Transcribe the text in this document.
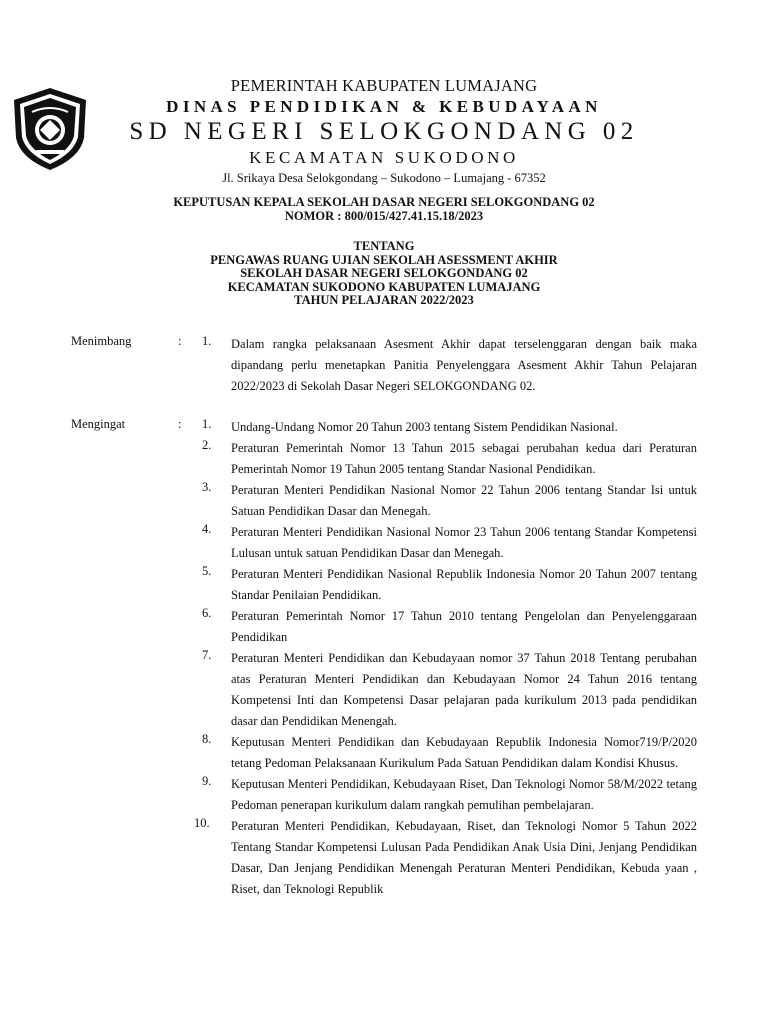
PEMERINTAH KABUPATEN LUMAJANG
DINAS PENDIDIKAN & KEBUDAYAAN
SD NEGERI SELOKGONDANG 02
KECAMATAN SUKODONO
Jl. Srikaya Desa Selokgondang – Sukodono – Lumajang - 67352
KEPUTUSAN KEPALA SEKOLAH DASAR NEGERI SELOKGONDANG 02
NOMOR : 800/015/427.41.15.18/2023
TENTANG
PENGAWAS RUANG UJIAN SEKOLAH ASESSMENT AKHIR
SEKOLAH DASAR NEGERI SELOKGONDANG 02
KECAMATAN SUKODONO KABUPATEN LUMAJANG
TAHUN PELAJARAN 2022/2023
Menimbang	: 1. Dalam rangka pelaksanaan Asesment Akhir dapat terselenggaran dengan baik maka dipandang perlu menetapkan Panitia Penyelenggara Asesment Akhir Tahun Pelajaran 2022/2023 di Sekolah Dasar Negeri SELOKGONDANG 02.
Mengingat	: 1. Undang-Undang Nomor 20 Tahun 2003 tentang Sistem Pendidikan Nasional.
2. Peraturan Pemerintah Nomor 13 Tahun 2015 sebagai perubahan kedua dari Peraturan Pemerintah Nomor 19 Tahun 2005 tentang Standar Nasional Pendidikan.
3. Peraturan Menteri Pendidikan Nasional Nomor 22 Tahun 2006 tentang Standar Isi untuk Satuan Pendidikan Dasar dan Menegah.
4. Peraturan Menteri Pendidikan Nasional Nomor 23 Tahun 2006 tentang Standar Kompetensi Lulusan untuk satuan Pendidikan Dasar dan Menegah.
5. Peraturan Menteri Pendidikan Nasional Republik Indonesia Nomor 20 Tahun 2007 tentang Standar Penilaian Pendidikan.
6. Peraturan Pemerintah Nomor 17 Tahun 2010 tentang Pengelolan dan Penyelenggaraan Pendidikan
7. Peraturan Menteri Pendidikan dan Kebudayaan nomor 37 Tahun 2018 Tentang perubahan atas Peraturan Menteri Pendidikan dan Kebudayaan Nomor 24 Tahun 2016 tentang Kompetensi Inti dan Kompetensi Dasar pelajaran pada kurikulum 2013 pada pendidikan dasar dan Pendidikan Menengah.
8. Keputusan Menteri Pendidikan dan Kebudayaan Republik Indonesia Nomor719/P/2020 tetang Pedoman Pelaksanaan Kurikulum Pada Satuan Pendidikan dalam Kondisi Khusus.
9. Keputusan Menteri Pendidikan, Kebudayaan Riset, Dan Teknologi Nomor 58/M/2022 tetang Pedoman penerapan kurikulum dalam rangkah pemulihan pembelajaran.
10. Peraturan Menteri Pendidikan, Kebudayaan, Riset, dan Teknologi Nomor 5 Tahun 2022 Tentang Standar Kompetensi Lulusan Pada Pendidikan Anak Usia Dini, Jenjang Pendidikan Dasar, Dan Jenjang Pendidikan Menengah Peraturan Menteri Pendidikan, Kebuda yaan , Riset, dan Teknologi Republik
